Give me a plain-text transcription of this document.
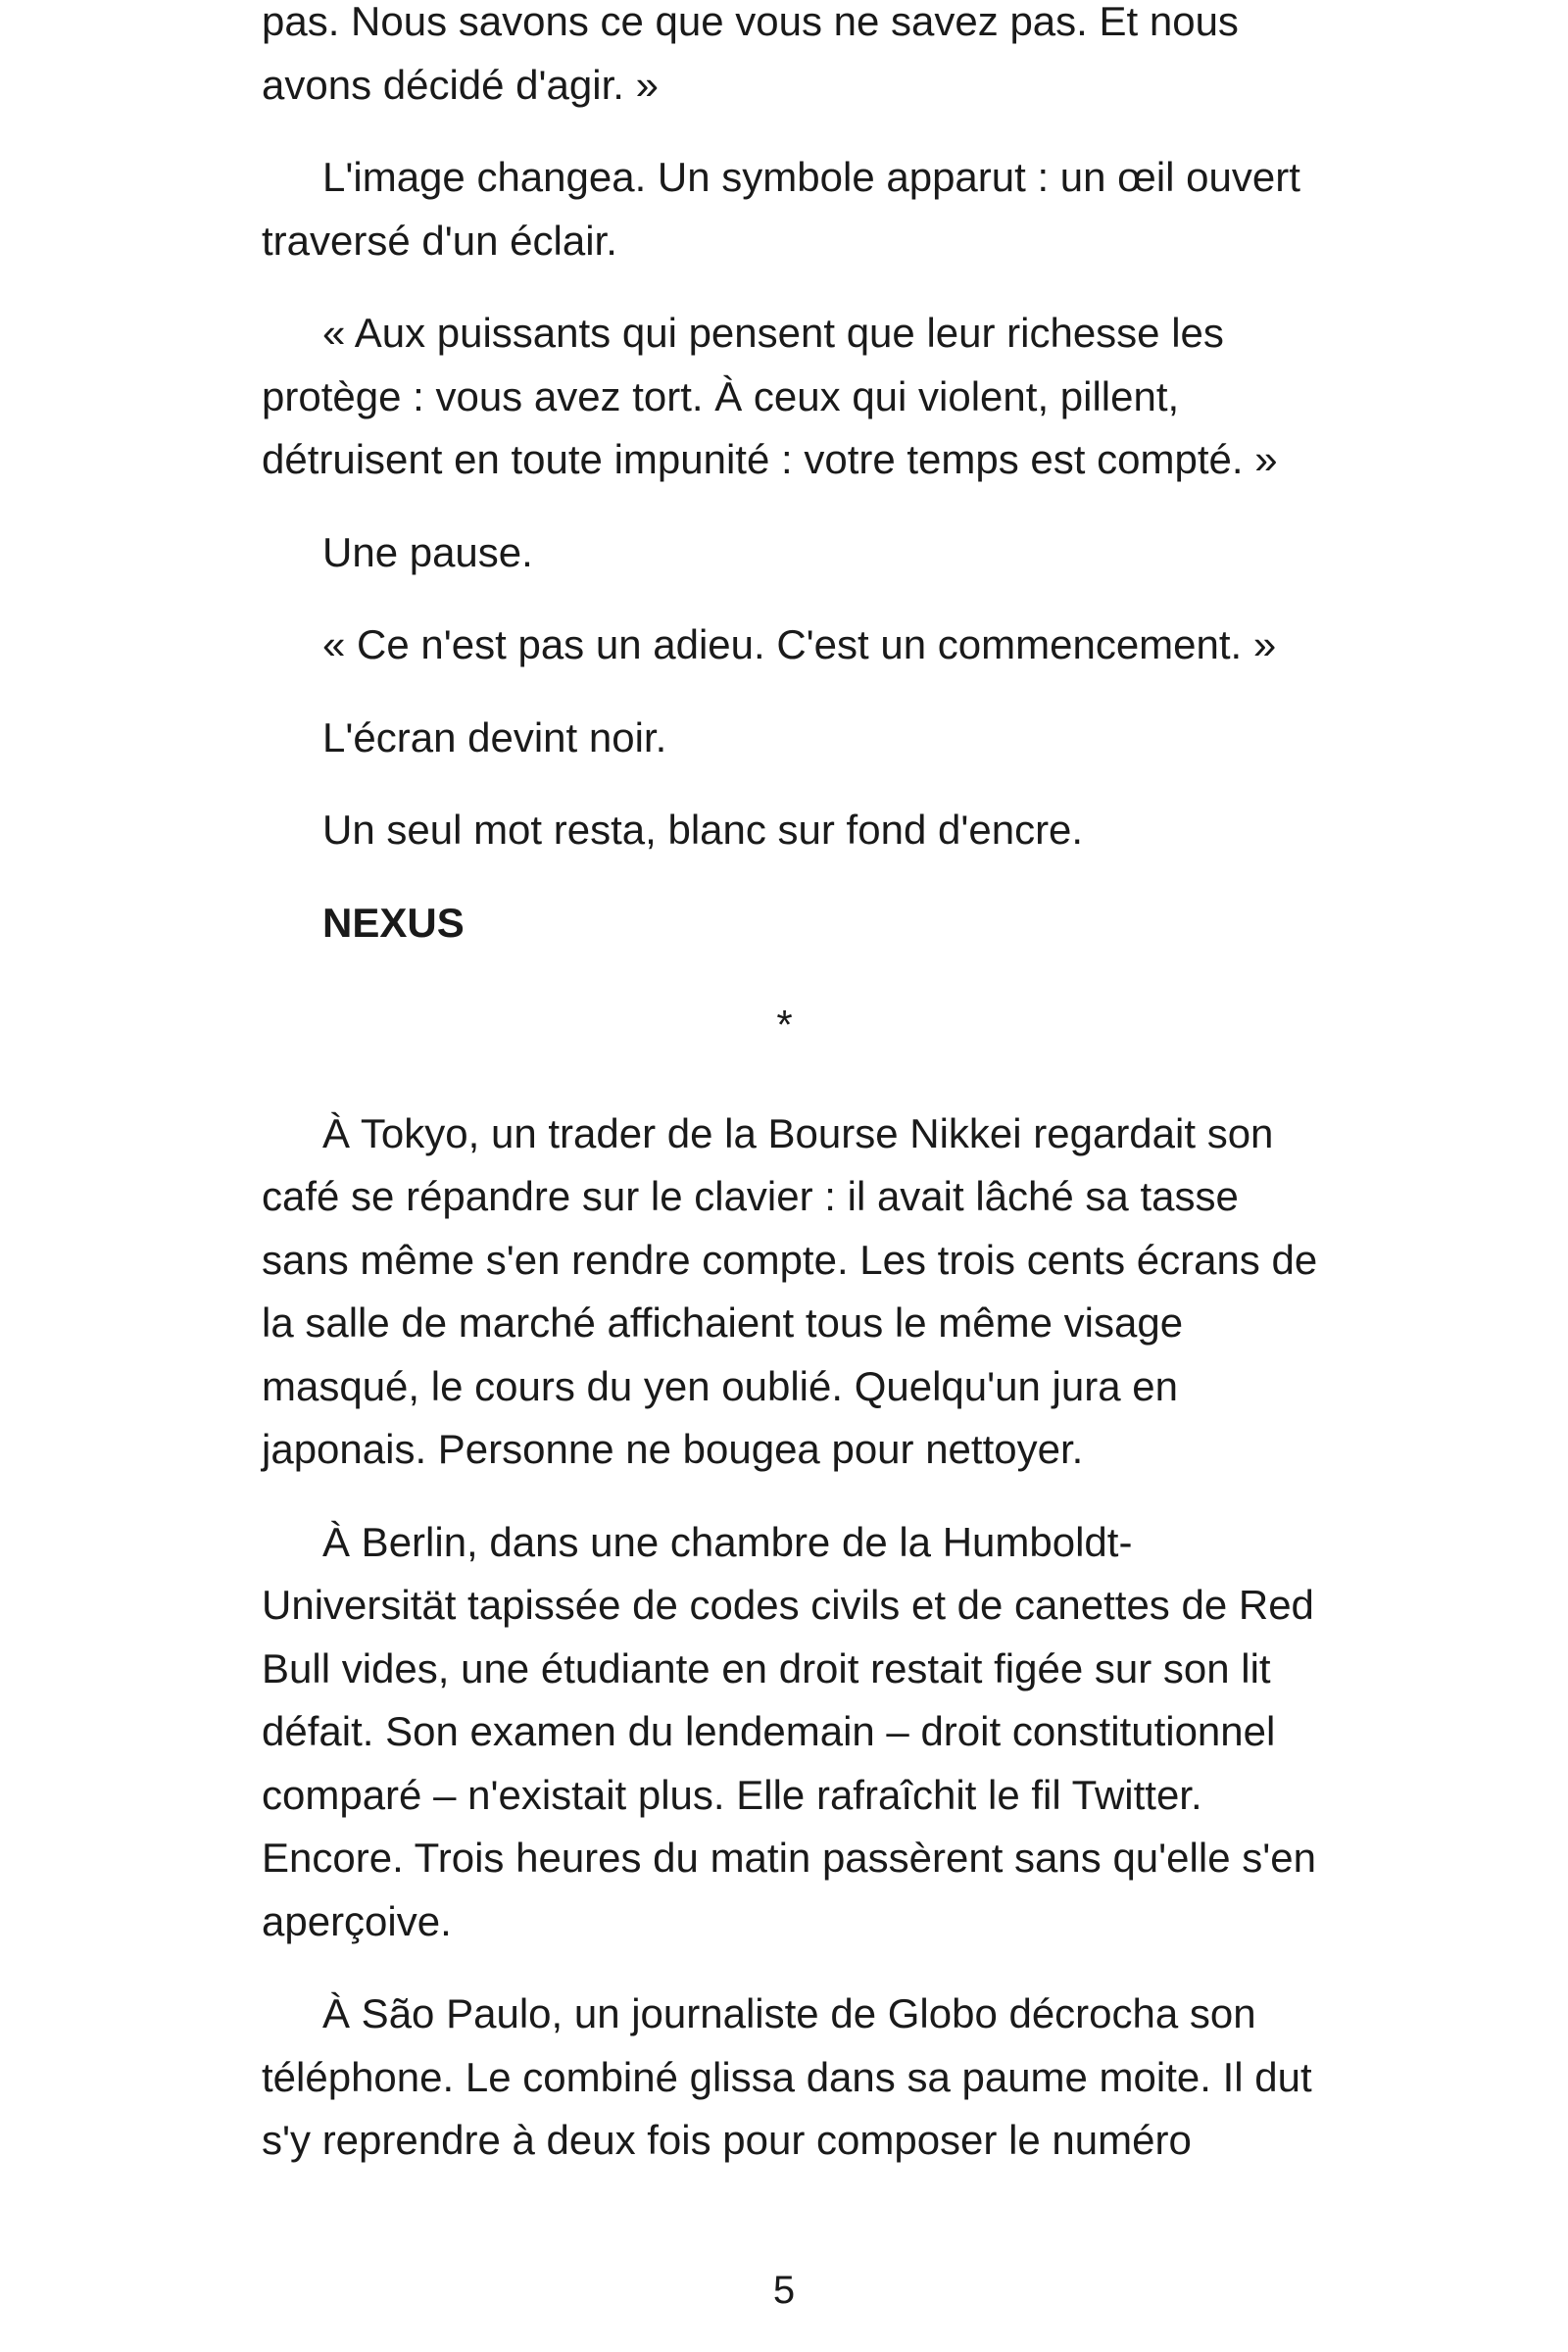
pas. Nous savons ce que vous ne savez pas. Et nous avons décidé d'agir. »

L'image changea. Un symbole apparut : un œil ouvert traversé d'un éclair.

« Aux puissants qui pensent que leur richesse les protège : vous avez tort. À ceux qui violent, pillent, détruisent en toute impunité : votre temps est compté. »

Une pause.

« Ce n'est pas un adieu. C'est un commencement. »

L'écran devint noir.

Un seul mot resta, blanc sur fond d'encre.

NEXUS

*

À Tokyo, un trader de la Bourse Nikkei regardait son café se répandre sur le clavier : il avait lâché sa tasse sans même s'en rendre compte. Les trois cents écrans de la salle de marché affichaient tous le même visage masqué, le cours du yen oublié. Quelqu'un jura en japonais. Personne ne bougea pour nettoyer.

À Berlin, dans une chambre de la Humboldt-Universität tapissée de codes civils et de canettes de Red Bull vides, une étudiante en droit restait figée sur son lit défait. Son examen du lendemain – droit constitutionnel comparé – n'existait plus. Elle rafraîchit le fil Twitter. Encore. Trois heures du matin passèrent sans qu'elle s'en aperçoive.

À São Paulo, un journaliste de Globo décrocha son téléphone. Le combiné glissa dans sa paume moite. Il dut s'y reprendre à deux fois pour composer le numéro

5
